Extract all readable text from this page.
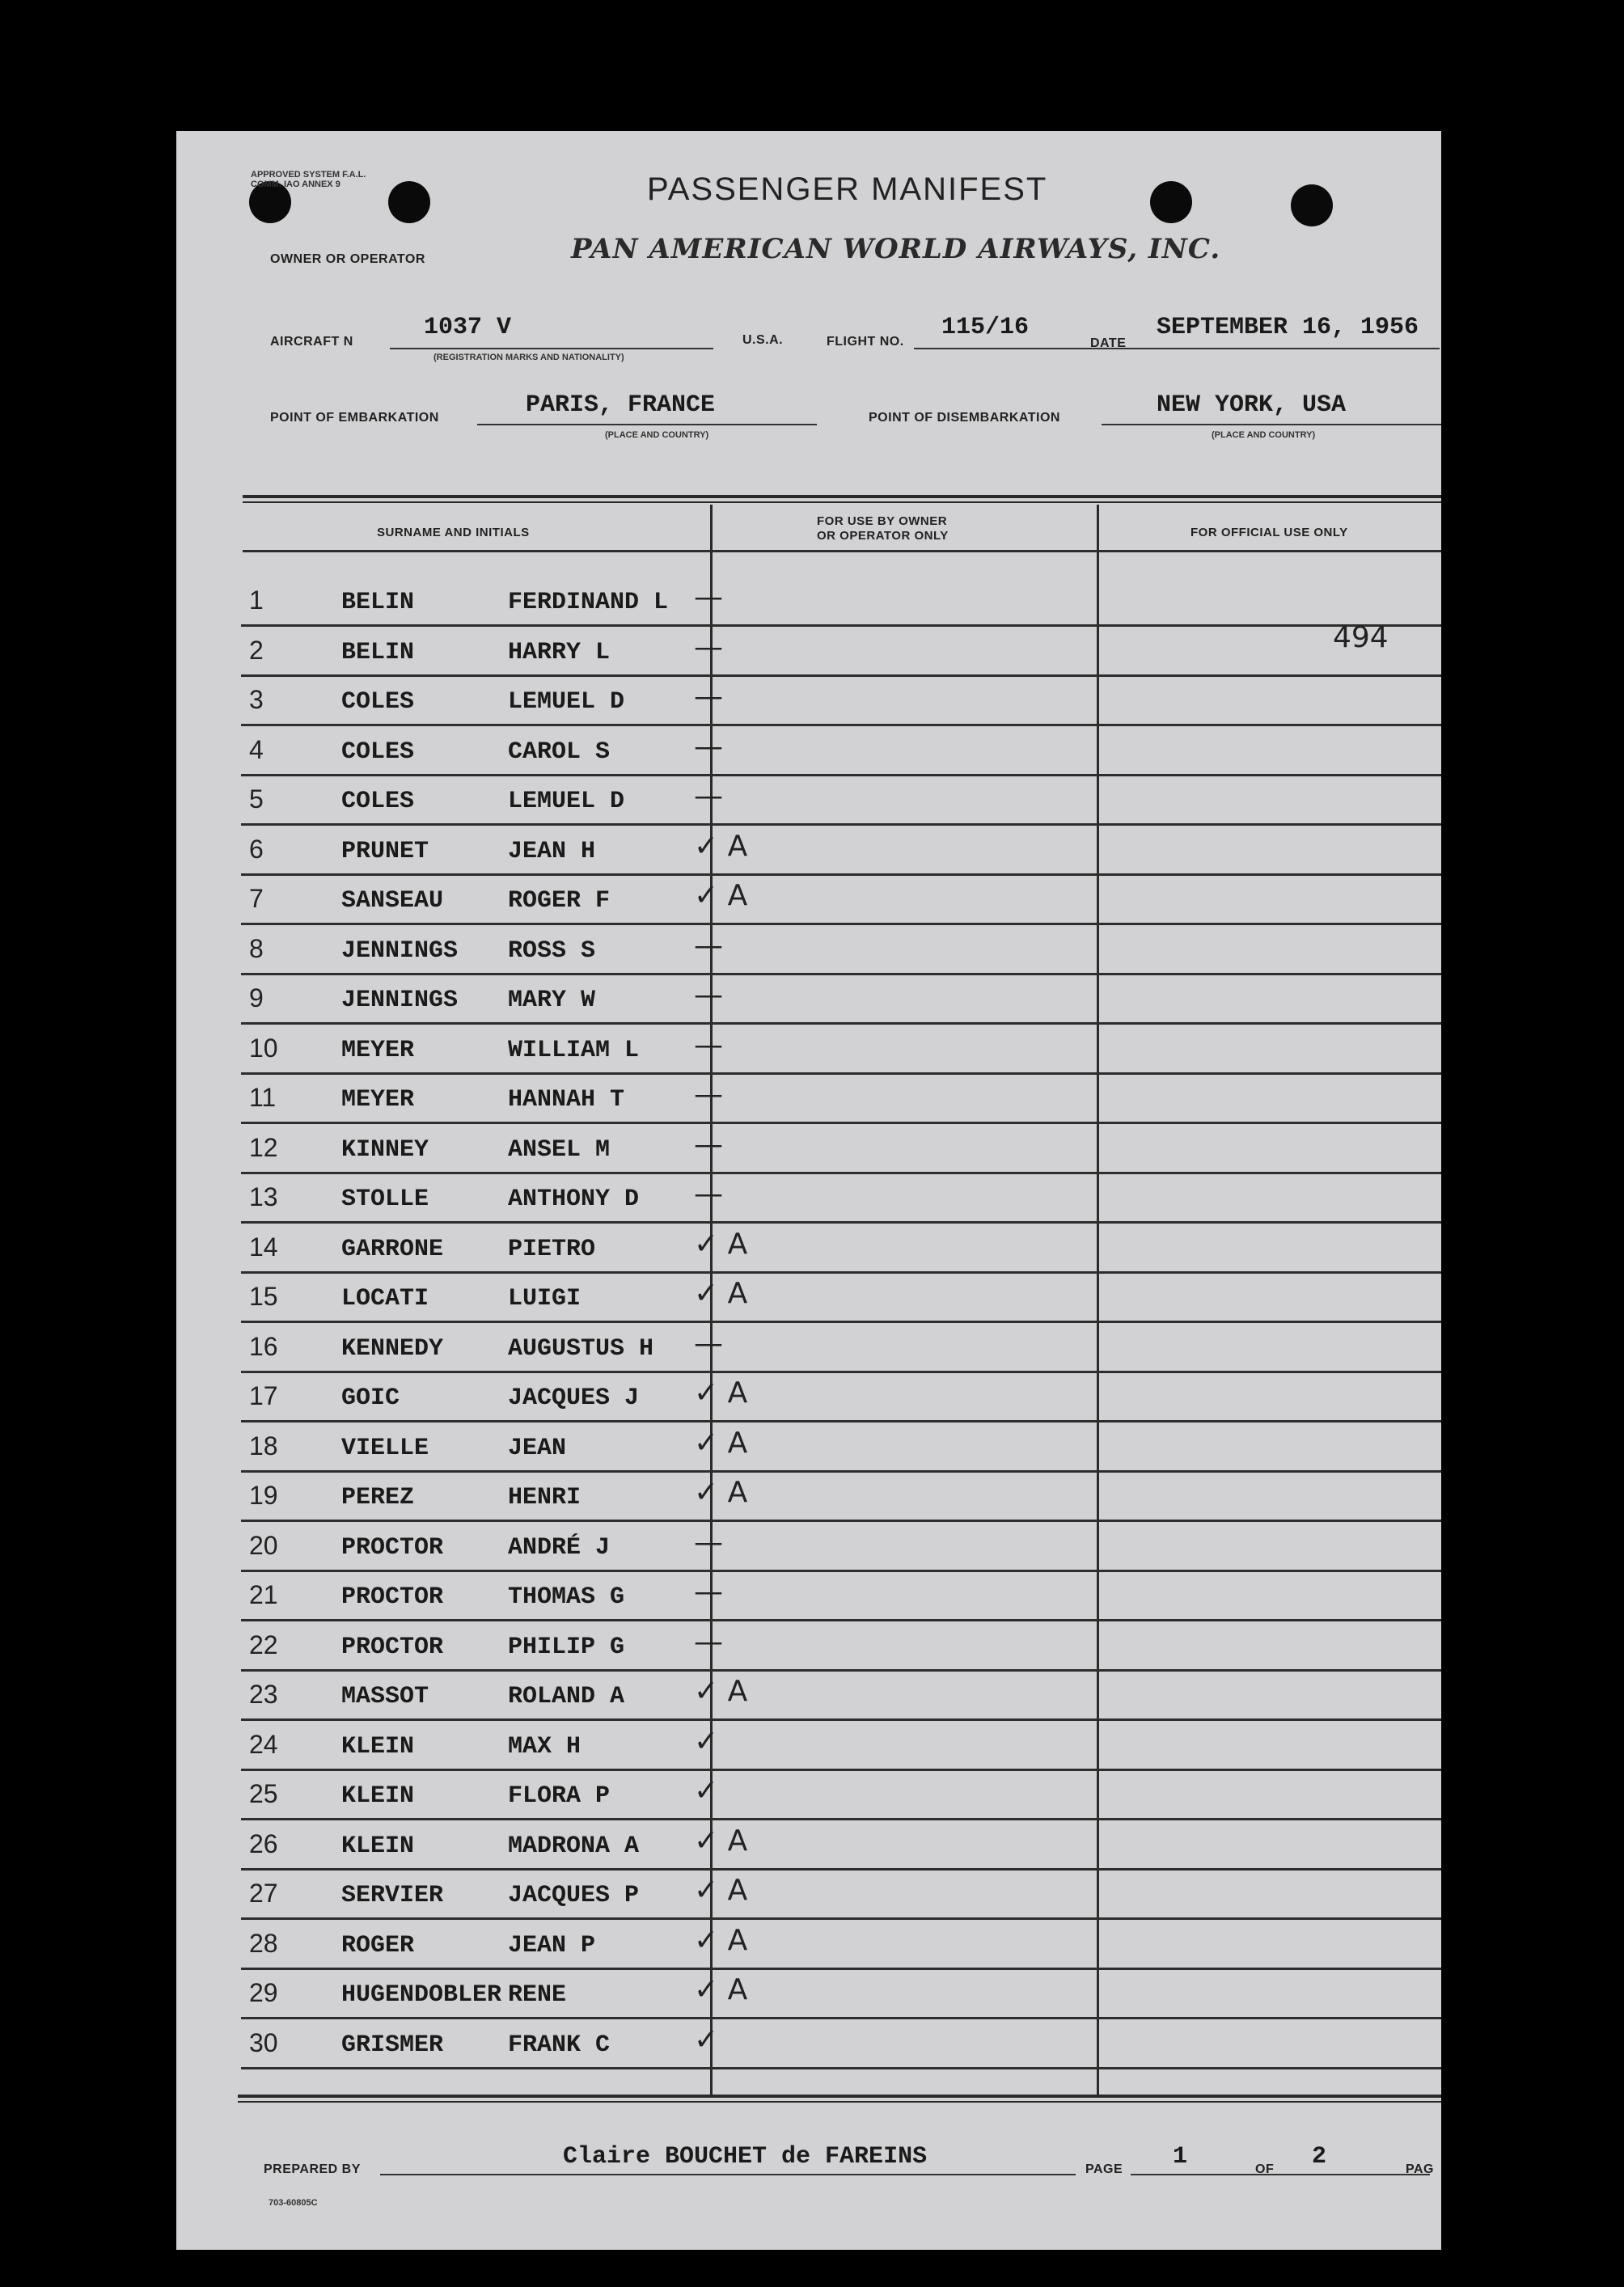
APPROVED SYSTEM F.A.L. COMM. IAO ANNEX 9	PASSENGER MANIFEST
OWNER OR OPERATOR	PAN AMERICAN WORLD AIRWAYS, INC.
AIRCRAFT N
1037 V
(REGISTRATION MARKS AND NATIONALITY)
U.S.A.	FLIGHT NO.
115/16
DATE
SEPTEMBER 16, 1956
POINT OF EMBARKATION	PARIS, FRANCE
(PLACE AND COUNTRY)
POINT OF DISEMBARKATION	NEW YORK, USA
(PLACE AND COUNTRY)
SURNAME AND INITIALS
FOR USE BY OWNER
OR OPERATOR ONLY	FOR OFFICIAL USE ONLY
1	BELIN	FERDINAND L —
2	BELIN	HARRY L	—	494
3	COLES	LEMUEL D —
4	COLES	CAROL S	—
5	COLES	LEMUEL D —
6	PRUNET	JEAN H	✓ A
7	SANSEAU	ROGER F	✓ A
8	JENNINGS ROSS S	—
9	JENNINGS MARY W	—
10	MEYER	WILLIAM L —
11	MEYER	HANNAH T —
12	KINNEY	ANSEL M	—
13	STOLLE	ANTHONY D —
14	GARRONE	PIETRO	✓ A
15	LOCATI	LUIGI	✓ A
16	KENNEDY	AUGUSTUS H —
17	GOIC	JACQUES J ✓ A
18	VIELLE	JEAN	✓ A
19	PEREZ	HENRI	✓ A
20	PROCTOR	ANDRÉ J	—
21	PROCTOR	THOMAS G —
22	PROCTOR	PHILIP G —
23	MASSOT	ROLAND A ✓ A
24	KLEIN	MAX H	✓
25	KLEIN	FLORA P	✓
26	KLEIN	MADRONA A ✓ A
27	SERVIER	JACQUES P ✓ A
28	ROGER	JEAN P	✓ A
29	HUGENDOBLER RENE	✓ A
30	GRISMER	FRANK C	✓
PREPARED BY	Claire BOUCHET de FAREINS	PAGE 1	OF 2	PAG
703-60805C
